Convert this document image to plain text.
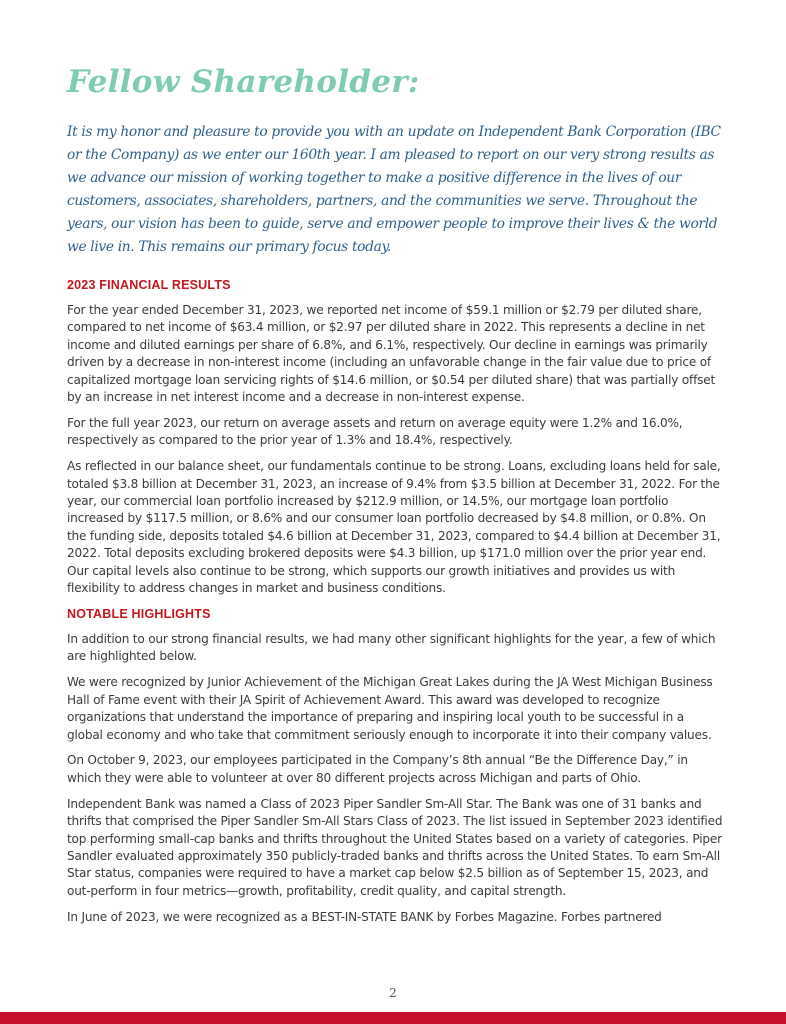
Fellow Shareholder:

It is my honor and pleasure to provide you with an update on Independent Bank Corporation (IBC or the Company) as we enter our 160th year. I am pleased to report on our very strong results as we advance our mission of working together to make a positive difference in the lives of our customers, associates, shareholders, partners, and the communities we serve. Throughout the years, our vision has been to guide, serve and empower people to improve their lives & the world we live in. This remains our primary focus today.

2023 FINANCIAL RESULTS

For the year ended December 31, 2023, we reported net income of $59.1 million or $2.79 per diluted share, compared to net income of $63.4 million, or $2.97 per diluted share in 2022. This represents a decline in net income and diluted earnings per share of 6.8%, and 6.1%, respectively. Our decline in earnings was primarily driven by a decrease in non-interest income (including an unfavorable change in the fair value due to price of capitalized mortgage loan servicing rights of $14.6 million, or $0.54 per diluted share) that was partially offset by an increase in net interest income and a decrease in non-interest expense.

For the full year 2023, our return on average assets and return on average equity were 1.2% and 16.0%, respectively as compared to the prior year of 1.3% and 18.4%, respectively.

As reflected in our balance sheet, our fundamentals continue to be strong. Loans, excluding loans held for sale, totaled $3.8 billion at December 31, 2023, an increase of 9.4% from $3.5 billion at December 31, 2022. For the year, our commercial loan portfolio increased by $212.9 million, or 14.5%, our mortgage loan portfolio increased by $117.5 million, or 8.6% and our consumer loan portfolio decreased by $4.8 million, or 0.8%. On the funding side, deposits totaled $4.6 billion at December 31, 2023, compared to $4.4 billion at December 31, 2022. Total deposits excluding brokered deposits were $4.3 billion, up $171.0 million over the prior year end. Our capital levels also continue to be strong, which supports our growth initiatives and provides us with flexibility to address changes in market and business conditions.

NOTABLE HIGHLIGHTS

In addition to our strong financial results, we had many other significant highlights for the year, a few of which are highlighted below.

We were recognized by Junior Achievement of the Michigan Great Lakes during the JA West Michigan Business Hall of Fame event with their JA Spirit of Achievement Award. This award was developed to recognize organizations that understand the importance of preparing and inspiring local youth to be successful in a global economy and who take that commitment seriously enough to incorporate it into their company values.

On October 9, 2023, our employees participated in the Company’s 8th annual “Be the Difference Day,” in which they were able to volunteer at over 80 different projects across Michigan and parts of Ohio.

Independent Bank was named a Class of 2023 Piper Sandler Sm-All Star. The Bank was one of 31 banks and thrifts that comprised the Piper Sandler Sm-All Stars Class of 2023. The list issued in September 2023 identified top performing small-cap banks and thrifts throughout the United States based on a variety of categories. Piper Sandler evaluated approximately 350 publicly-traded banks and thrifts across the United States. To earn Sm-All Star status, companies were required to have a market cap below $2.5 billion as of September 15, 2023, and out-perform in four metrics—growth, profitability, credit quality, and capital strength.

In June of 2023, we were recognized as a BEST-IN-STATE BANK by Forbes Magazine. Forbes partnered

2
